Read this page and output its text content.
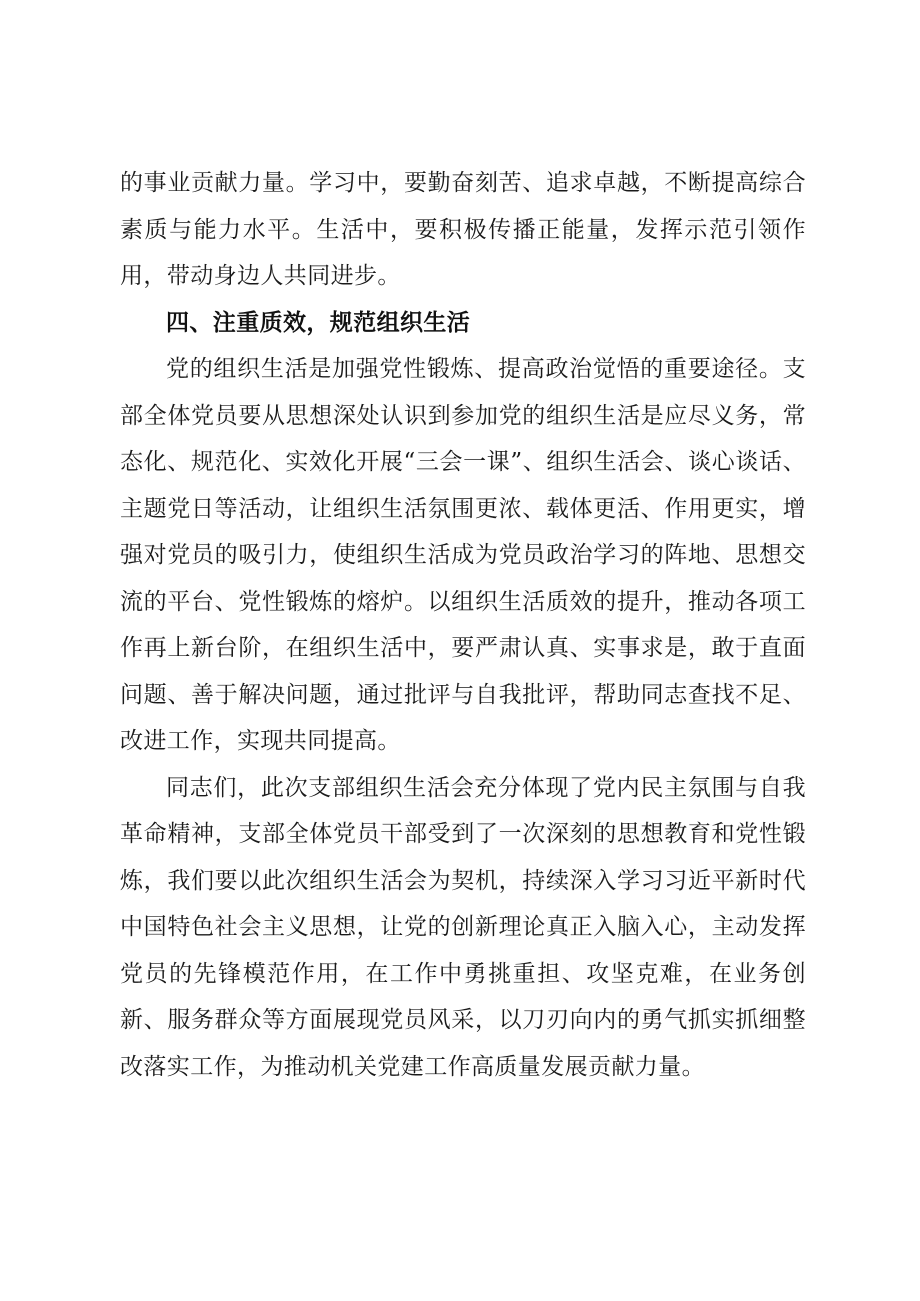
的事业贡献力量。学习中，要勤奋刻苦、追求卓越，不断提高综合素质与能力水平。生活中，要积极传播正能量，发挥示范引领作用，带动身边人共同进步。

四、注重质效，规范组织生活

党的组织生活是加强党性锻炼、提高政治觉悟的重要途径。支部全体党员要从思想深处认识到参加党的组织生活是应尽义务，常态化、规范化、实效化开展“三会一课”、组织生活会、谈心谈话、主题党日等活动，让组织生活氛围更浓、载体更活、作用更实，增强对党员的吸引力，使组织生活成为党员政治学习的阵地、思想交流的平台、党性锻炼的熔炉。以组织生活质效的提升，推动各项工作再上新台阶，在组织生活中，要严肃认真、实事求是，敢于直面问题、善于解决问题，通过批评与自我批评，帮助同志查找不足、改进工作，实现共同提高。

同志们，此次支部组织生活会充分体现了党内民主氛围与自我革命精神，支部全体党员干部受到了一次深刻的思想教育和党性锻炼，我们要以此次组织生活会为契机，持续深入学习习近平新时代中国特色社会主义思想，让党的创新理论真正入脑入心，主动发挥党员的先锋模范作用，在工作中勇挑重担、攻坚克难，在业务创新、服务群众等方面展现党员风采，以刀刃向内的勇气抓实抓细整改落实工作，为推动机关党建工作高质量发展贡献力量。
